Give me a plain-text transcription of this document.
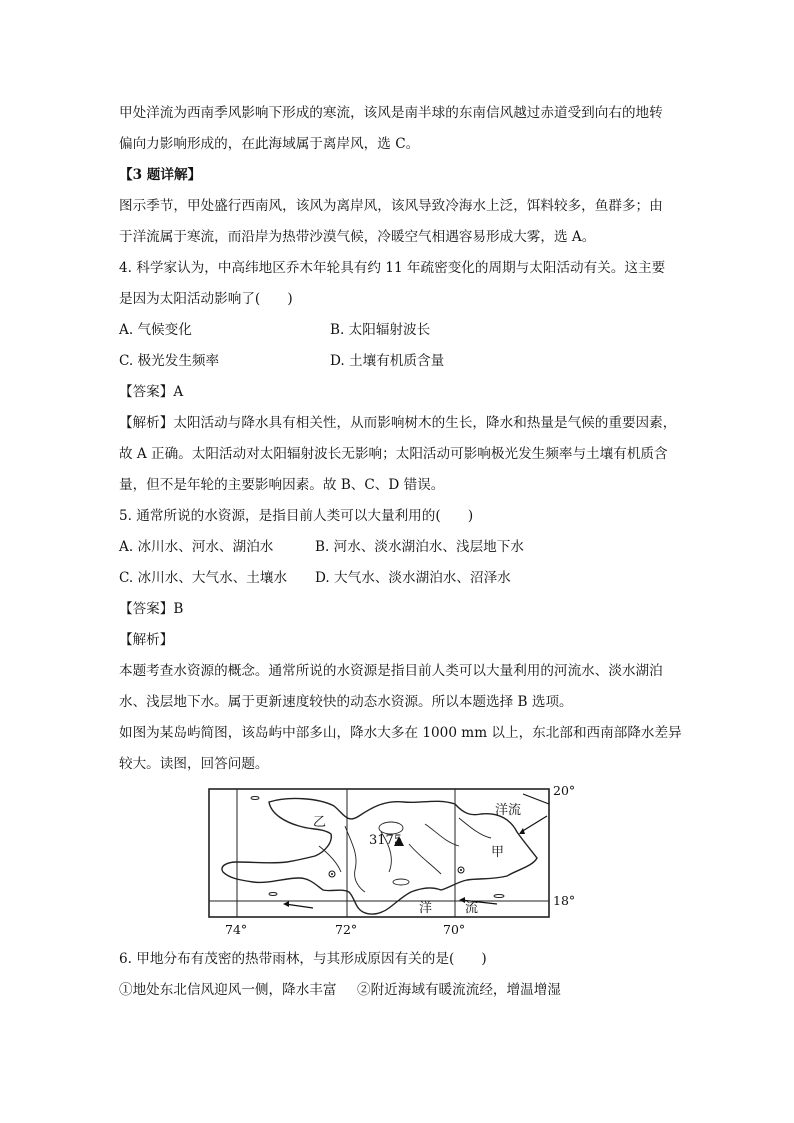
甲处洋流为西南季风影响下形成的寒流，该风是南半球的东南信风越过赤道受到向右的地转
偏向力影响形成的，在此海域属于离岸风，选 C。
【3 题详解】
图示季节，甲处盛行西南风，该风为离岸风，该风导致冷海水上泛，饵料较多，鱼群多；由
于洋流属于寒流，而沿岸为热带沙漠气候，冷暖空气相遇容易形成大雾，选 A。
4. 科学家认为，中高纬地区乔木年轮具有约 11 年疏密变化的周期与太阳活动有关。这主要
是因为太阳活动影响了(　　)
A. 气候变化	B. 太阳辐射波长
C. 极光发生频率	D. 土壤有机质含量
【答案】A
【解析】太阳活动与降水具有相关性，从而影响树木的生长，降水和热量是气候的重要因素，
故 A 正确。太阳活动对太阳辐射波长无影响；太阳活动可影响极光发生频率与土壤有机质含
量，但不是年轮的主要影响因素。故 B、C、D 错误。
5. 通常所说的水资源，是指目前人类可以大量利用的(　　)
A. 冰川水、河水、湖泊水	B. 河水、淡水湖泊水、浅层地下水
C. 冰川水、大气水、土壤水	D. 大气水、淡水湖泊水、沼泽水
【答案】B
【解析】
本题考查水资源的概念。通常所说的水资源是指目前人类可以大量利用的河流水、淡水湖泊
水、浅层地下水。属于更新速度较快的动态水资源。所以本题选择 B 选项。
如图为某岛屿简图，该岛屿中部多山，降水大多在 1000 mm 以上，东北部和西南部降水差异
较大。读图，回答问题。
3175
乙
甲
洋流
洋	流
20°
18°
74°	72°	70°
6. 甲地分布有茂密的热带雨林，与其形成原因有关的是(　　)
①地处东北信风迎风一侧，降水丰富	②附近海域有暖流流经，增温增湿
